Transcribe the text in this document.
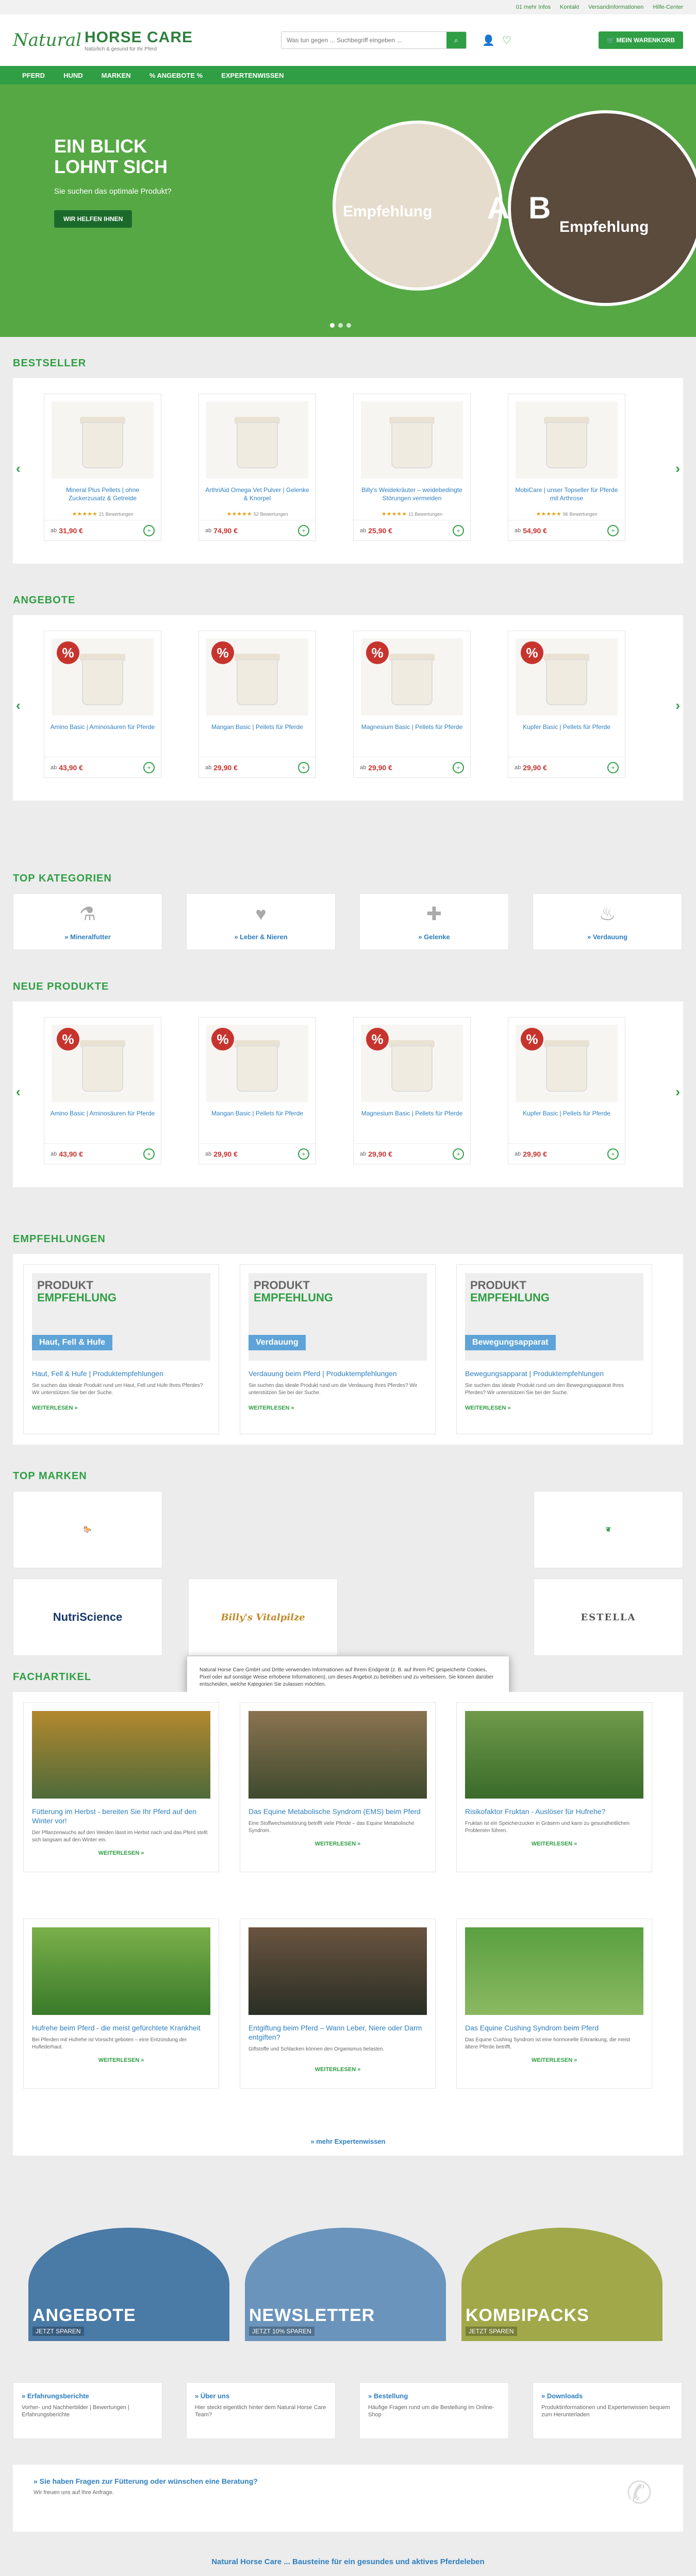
01 mehr Infos Kontakt Versandinformationen Hilfe-Center
Natural HORSE CARE
Natürlich & gesund für Ihr Pferd
Was tun gegen ... Suchbegriff eingeben ...
⌕	👤 ♡	🛒 MEIN WARENKORB
PFERD	HUND	MARKEN	% ANGEBOTE %	EXPERTENWISSEN
EIN BLICK LOHNT SICH
Sie suchen das optimale Produkt?
WIR HELFEN IHNEN	Empfehlung A B
Empfehlung
BESTSELLER
‹	›
Mineral Plus Pellets | ohne Zuckerzusatz & Getreide
★★★★★ 21 Bewertungen
ab 31,90 €	+
ArthriAid Omega Vet Pulver | Gelenke & Knorpel
★★★★★ 52 Bewertungen
ab 74,90 €	+
Billy's Weidekräuter – weidebedingte Störungen vermeiden
★★★★★ 11 Bewertungen
ab 25,90 €	+
MobiCare | unser Topseller für Pferde mit Arthrose
★★★★★ 96 Bewertungen
ab 54,90 €	+
ANGEBOTE
‹	›
%
Amino Basic | Aminosäuren für Pferde
ab 43,90 €	+
%
Mangan Basic | Pellets für Pferde
ab 29,90 €	+
%
Magnesium Basic | Pellets für Pferde
ab 29,90 €	+
%
Kupfer Basic | Pellets für Pferde
ab 29,90 €	+
TOP KATEGORIEN
⚗
» Mineralfutter
♥
» Leber & Nieren
✚
» Gelenke
♨
» Verdauung
NEUE PRODUKTE
‹	›
%
Amino Basic | Aminosäuren für Pferde
ab 43,90 €	+
%
Mangan Basic | Pellets für Pferde
ab 29,90 €	+
%
Magnesium Basic | Pellets für Pferde
ab 29,90 €	+
%
Kupfer Basic | Pellets für Pferde
ab 29,90 €	+
EMPFEHLUNGEN
PRODUKT
EMPFEHLUNG
Haut, Fell & Hufe
Haut, Fell & Hufe | Produktempfehlungen
Sie suchen das ideale Produkt rund um Haut, Fell und Hufe Ihres Pferdes? Wir unterstützen Sie bei der Suche.
WEITERLESEN »
PRODUKT
EMPFEHLUNG
Verdauung
Verdauung beim Pferd | Produktempfehlungen
Sie suchen das ideale Produkt rund um die Verdauung Ihres Pferdes? Wir unterstützen Sie bei der Suche.
WEITERLESEN »
PRODUKT
EMPFEHLUNG
Bewegungsapparat
Bewegungsapparat | Produktempfehlungen
Sie suchen das ideale Produkt rund um den Bewegungsapparat Ihres Pferdes? Wir unterstützen Sie bei der Suche.
WEITERLESEN »
TOP MARKEN
🐎	❦
NutriScience	Billy's Vitalpilze	ESTELLA

Natural Horse Care GmbH und Dritte verwenden Informationen auf Ihrem Endgerät (z. B. auf Ihrem PC gespeicherte Cookies, Pixel oder auf sonstige Weise erhobene Informationen), um dieses Angebot zu betreiben und zu verbessern. Sie können darüber entscheiden, welche Kategorien Sie zulassen möchten.

FACHARTIKEL
Fütterung im Herbst - bereiten Sie Ihr Pferd auf den Winter vor!
Der Pflanzenwuchs auf den Weiden lässt im Herbst nach und das Pferd stellt sich langsam auf den Winter ein.
WEITERLESEN »
Das Equine Metabolische Syndrom (EMS) beim Pferd
Eine Stoffwechselstörung betrifft viele Pferde – das Equine Metabolische Syndrom.
WEITERLESEN »
Risikofaktor Fruktan - Auslöser für Hufrehe?
Fruktan ist ein Speicherzucker in Gräsern und kann zu gesundheitlichen Problemen führen.
WEITERLESEN »
Hufrehe beim Pferd - die meist gefürchtete Krankheit
Bei Pferden mit Hufrehe ist Vorsicht geboten – eine Entzündung der Huflederhaut.
WEITERLESEN »
Entgiftung beim Pferd – Wann Leber, Niere oder Darm entgiften?
Giftstoffe und Schlacken können den Organismus belasten.
WEITERLESEN »
Das Equine Cushing Syndrom beim Pferd
Das Equine Cushing Syndrom ist eine hormonelle Erkrankung, die meist ältere Pferde betrifft.
WEITERLESEN »
» mehr Expertenwissen
ANGEBOTE
JETZT SPAREN
NEWSLETTER
JETZT 10% SPAREN
KOMBIPACKS
JETZT SPAREN
» Erfahrungsberichte
Vorher- und Nachherbilder | Bewertungen | Erfahrungsberichte
» Über uns
Hier steckt eigentlich hinter dem Natural Horse Care Team?
» Bestellung
Häufige Fragen rund um die Bestellung im Online-Shop
» Downloads
Produktinformationen und Expertenwissen bequem zum Herunterladen
» Sie haben Fragen zur Fütterung oder wünschen eine Beratung?
Wir freuen uns auf Ihre Anfrage.	✆
Natural Horse Care ... Bausteine für ein gesundes und aktives Pferdeleben
